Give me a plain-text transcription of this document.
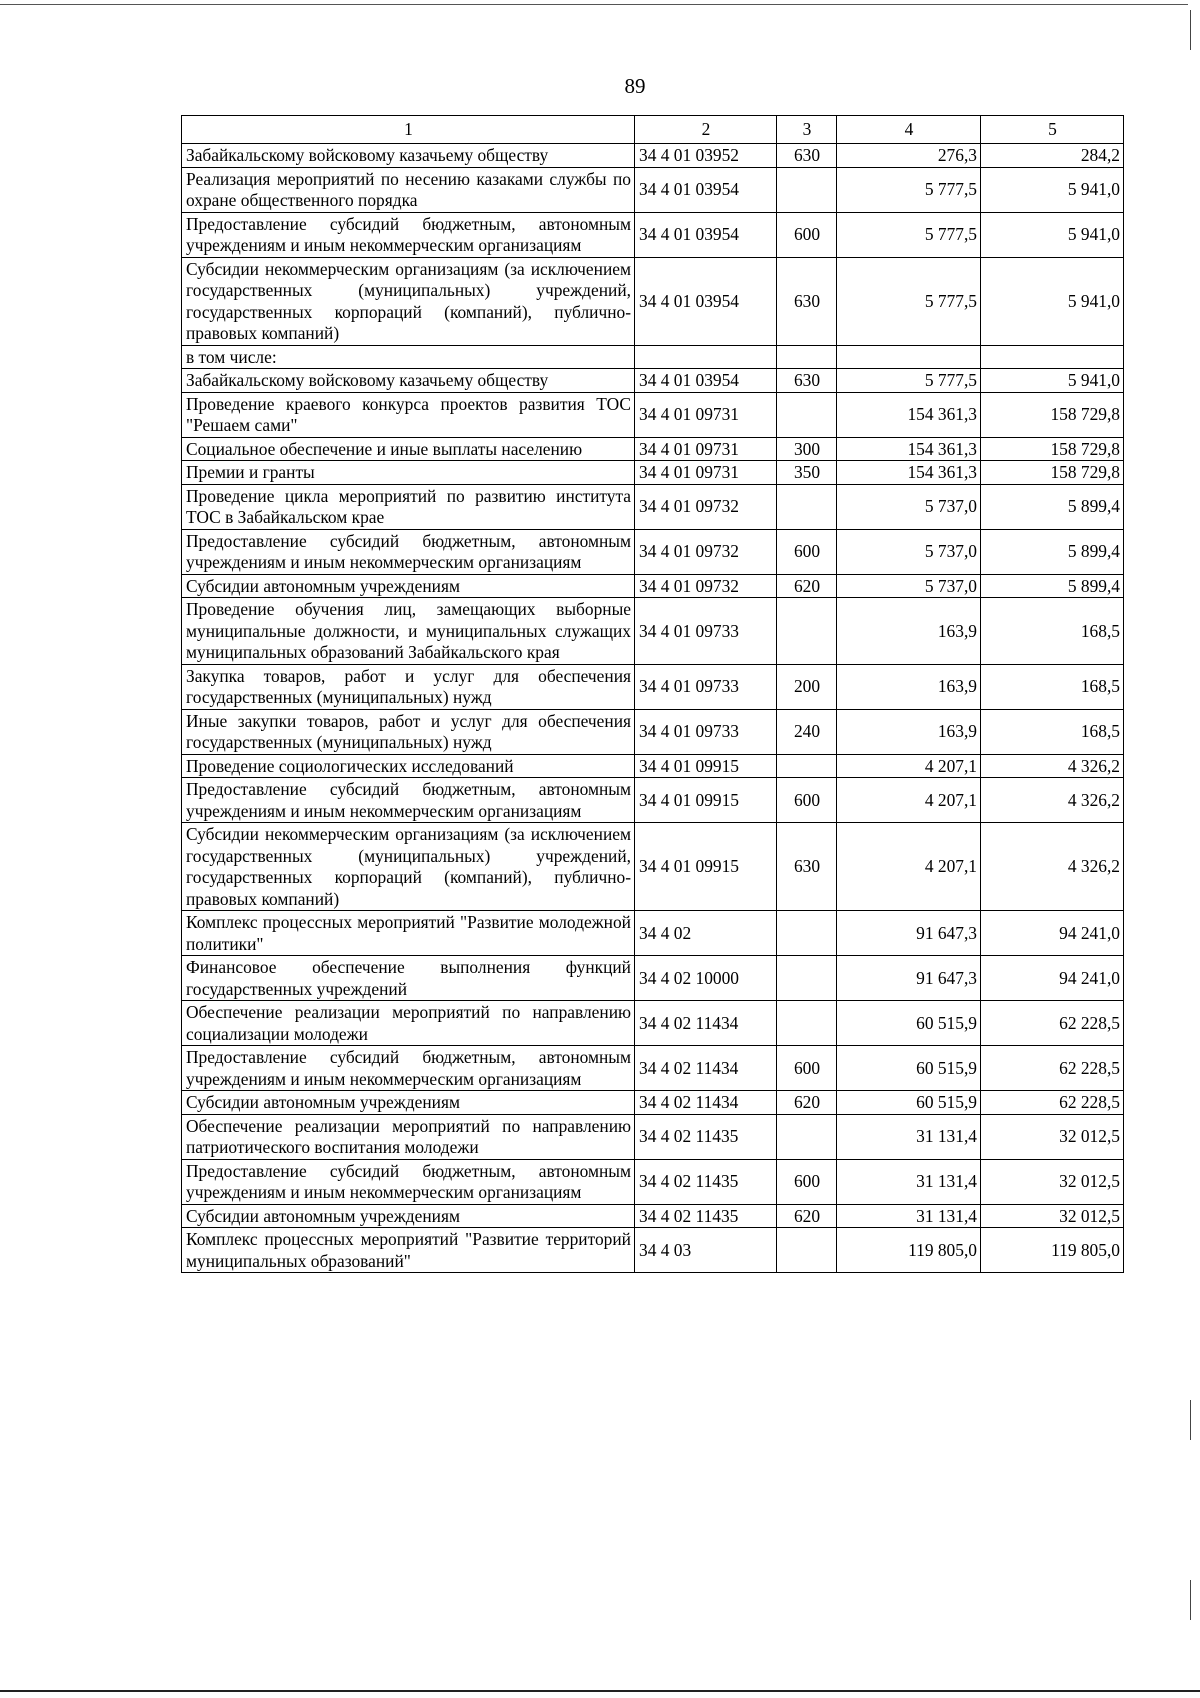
89
1	2	3	4	5
Забайкальскому войсковому казачьему обществу	34 4 01 03952	630	276,3	284,2
Реализация мероприятий по несению казаками службы по охране общественного порядка	34 4 01 03954		5 777,5	5 941,0
Предоставление субсидий бюджетным, автономным учреждениям и иным некоммерческим организациям	34 4 01 03954	600	5 777,5	5 941,0
Субсидии некоммерческим организациям (за исключением государственных (муниципальных) учреждений, государственных корпораций (компаний), публично-правовых компаний)	34 4 01 03954	630	5 777,5	5 941,0
в том числе:				
Забайкальскому войсковому казачьему обществу	34 4 01 03954	630	5 777,5	5 941,0
Проведение краевого конкурса проектов развития ТОС "Решаем сами"	34 4 01 09731		154 361,3	158 729,8
Социальное обеспечение и иные выплаты населению	34 4 01 09731	300	154 361,3	158 729,8
Премии и гранты	34 4 01 09731	350	154 361,3	158 729,8
Проведение цикла мероприятий по развитию института ТОС в Забайкальском крае	34 4 01 09732		5 737,0	5 899,4
Предоставление субсидий бюджетным, автономным учреждениям и иным некоммерческим организациям	34 4 01 09732	600	5 737,0	5 899,4
Субсидии автономным учреждениям	34 4 01 09732	620	5 737,0	5 899,4
Проведение обучения лиц, замещающих выборные муниципальные должности, и муниципальных служащих муниципальных образований Забайкальского края	34 4 01 09733		163,9	168,5
Закупка товаров, работ и услуг для обеспечения государственных (муниципальных) нужд	34 4 01 09733	200	163,9	168,5
Иные закупки товаров, работ и услуг для обеспечения государственных (муниципальных) нужд	34 4 01 09733	240	163,9	168,5
Проведение социологических исследований	34 4 01 09915		4 207,1	4 326,2
Предоставление субсидий бюджетным, автономным учреждениям и иным некоммерческим организациям	34 4 01 09915	600	4 207,1	4 326,2
Субсидии некоммерческим организациям (за исключением государственных (муниципальных) учреждений, государственных корпораций (компаний), публично-правовых компаний)	34 4 01 09915	630	4 207,1	4 326,2
Комплекс процессных мероприятий "Развитие молодежной политики"	34 4 02		91 647,3	94 241,0
Финансовое обеспечение выполнения функций государственных учреждений	34 4 02 10000		91 647,3	94 241,0
Обеспечение реализации мероприятий по направлению социализации молодежи	34 4 02 11434		60 515,9	62 228,5
Предоставление субсидий бюджетным, автономным учреждениям и иным некоммерческим организациям	34 4 02 11434	600	60 515,9	62 228,5
Субсидии автономным учреждениям	34 4 02 11434	620	60 515,9	62 228,5
Обеспечение реализации мероприятий по направлению патриотического воспитания молодежи	34 4 02 11435		31 131,4	32 012,5
Предоставление субсидий бюджетным, автономным учреждениям и иным некоммерческим организациям	34 4 02 11435	600	31 131,4	32 012,5
Субсидии автономным учреждениям	34 4 02 11435	620	31 131,4	32 012,5
Комплекс процессных мероприятий "Развитие территорий муниципальных образований"	34 4 03		119 805,0	119 805,0
